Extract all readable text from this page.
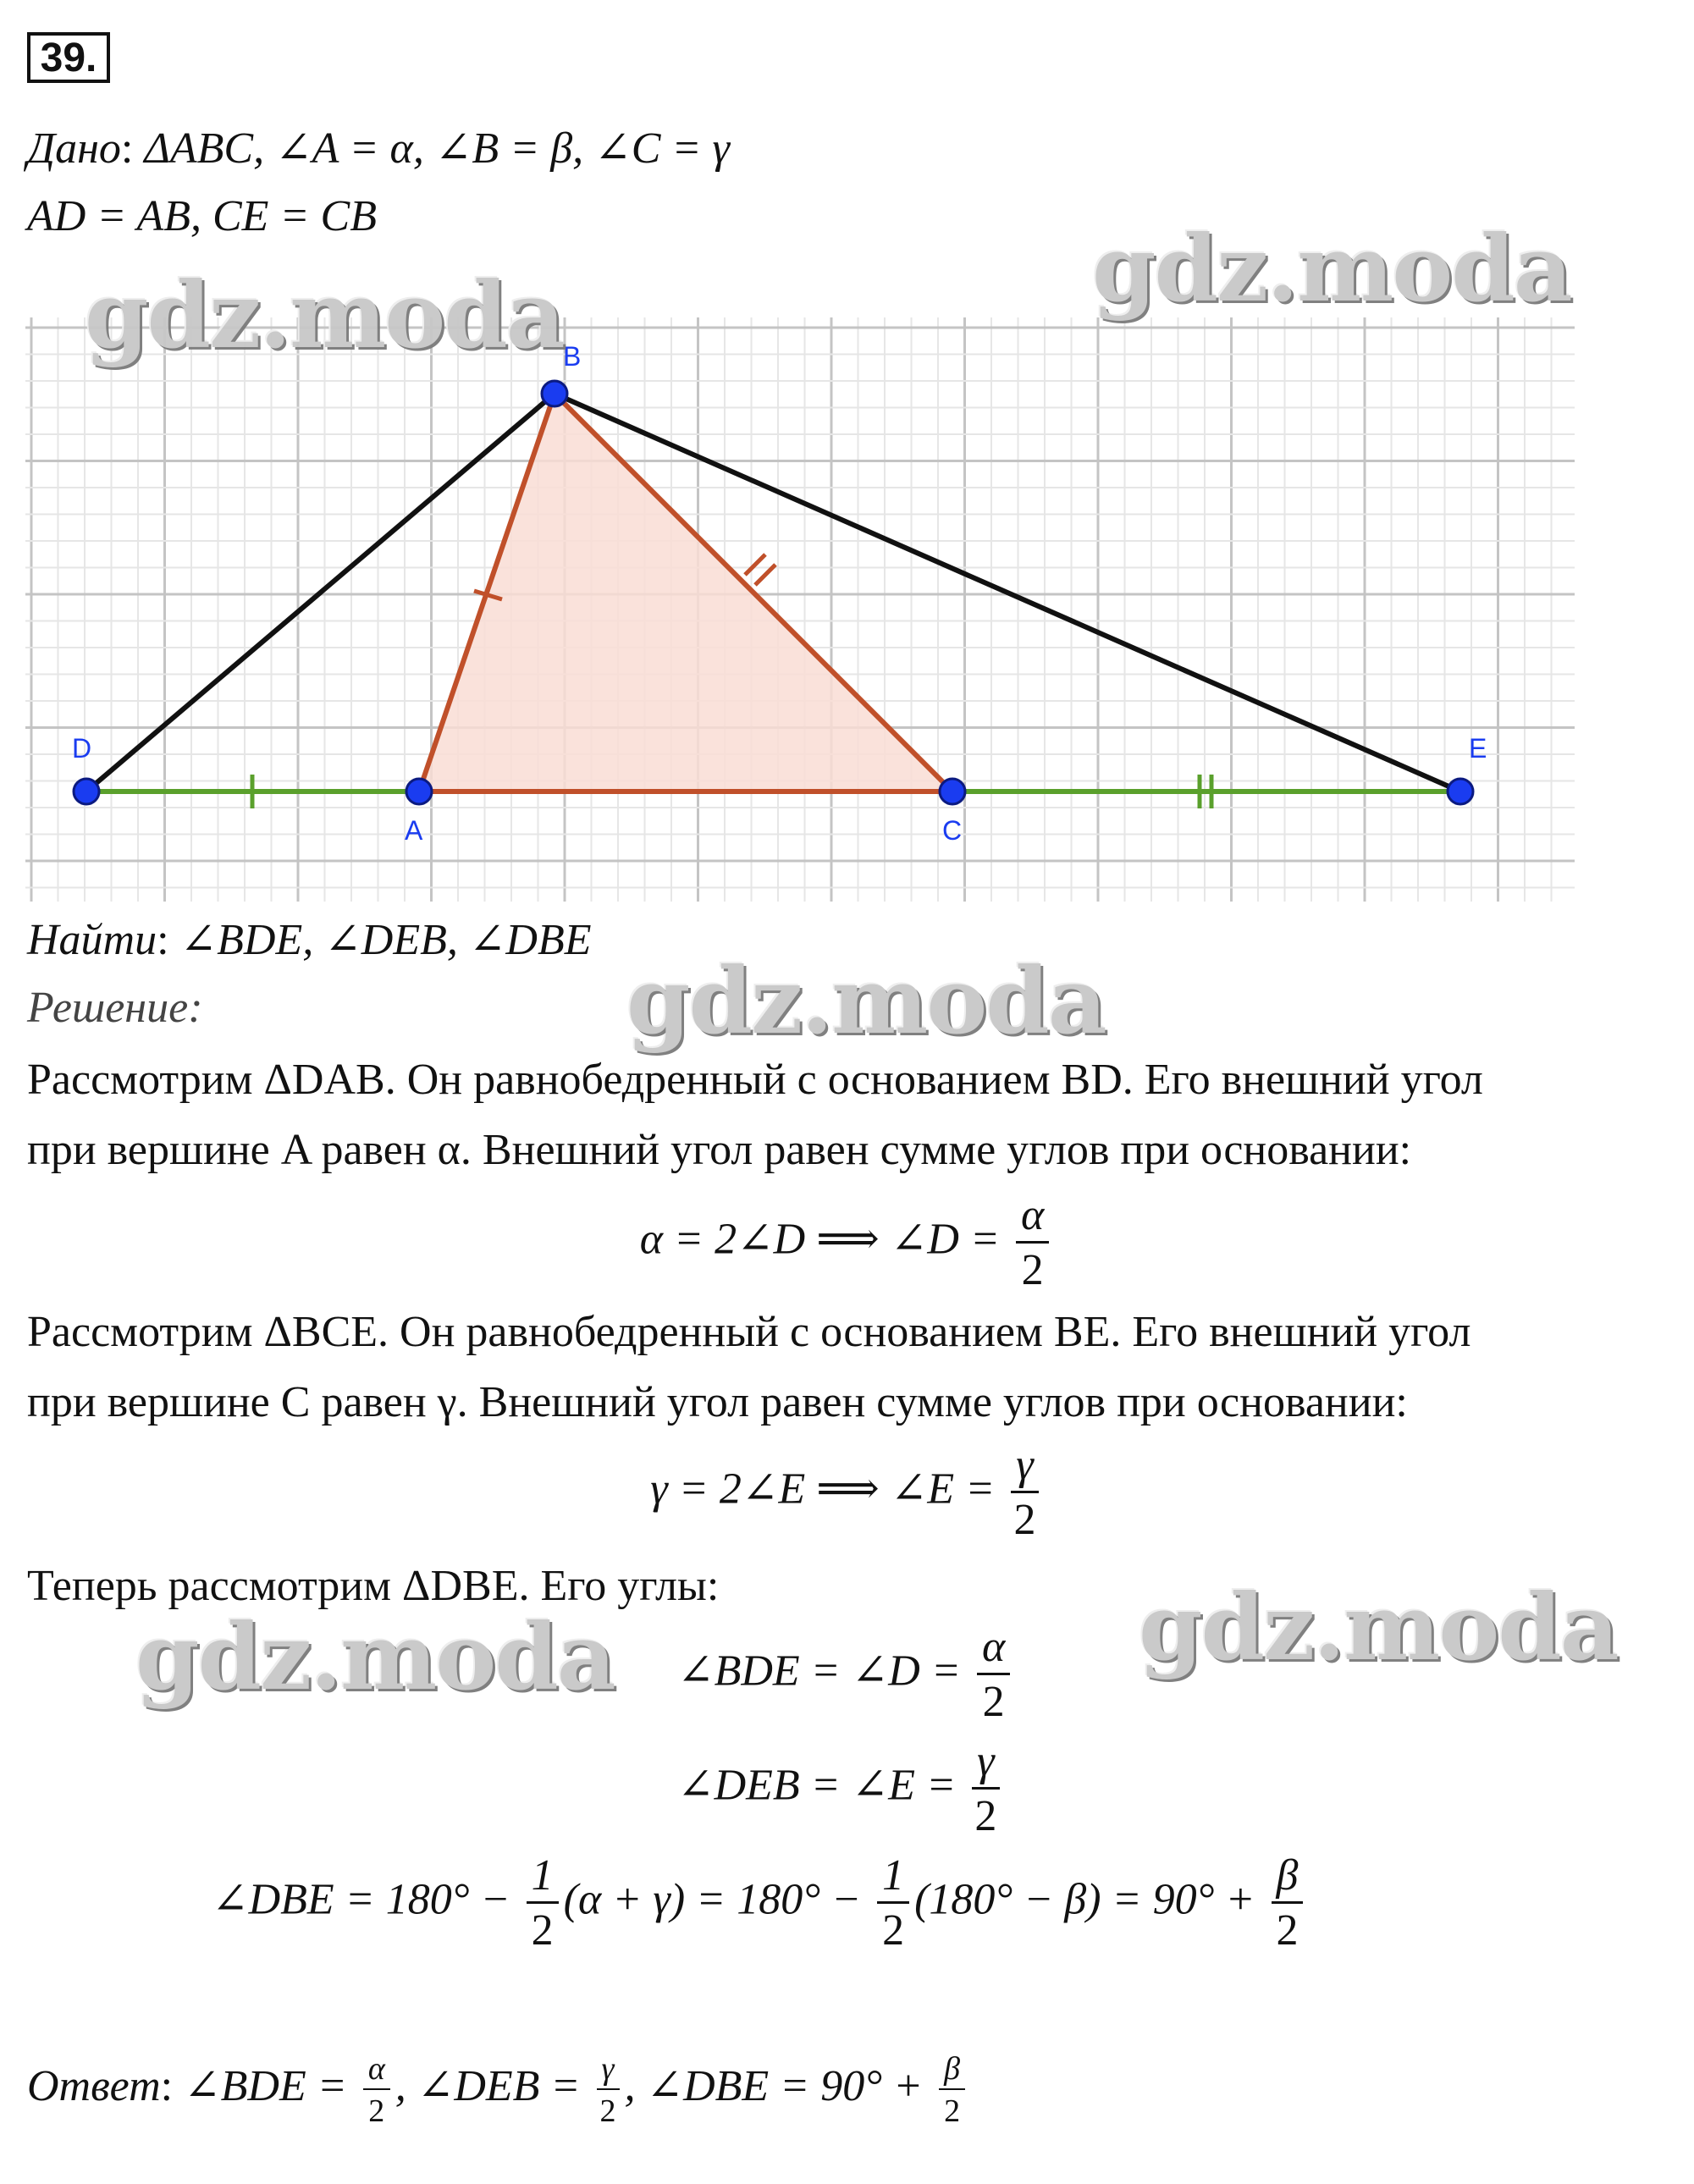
39.
Дано: ΔABC, ∠A = α, ∠B = β, ∠C = γ
AD = AB, CE = CB
B
D
A	C
E
Найти: ∠BDE, ∠DEB, ∠DBE
Решение:
Рассмотрим ΔDAB. Он равнобедренный с основанием BD. Его внешний угол
при вершине A равен α. Внешний угол равен сумме углов при основании:
α = 2∠D ⟹ ∠D = $\frac{\alpha}{2}$
Рассмотрим ΔBCE. Он равнобедренный с основанием BE. Его внешний угол
при вершине C равен γ. Внешний угол равен сумме углов при основании:
γ = 2∠E ⟹ ∠E = $\frac{\gamma}{2}$
Теперь рассмотрим ΔDBE. Его углы:
∠BDE = ∠D = $\frac{\alpha}{2}$
∠DEB = ∠E = $\frac{\gamma}{2}$
∠DBE = $180^\circ - \frac{1}{2} (\alpha + \gamma) = 180^\circ - \frac{1}{2} (180^\circ - \beta) = 90^\circ + \frac{\beta}{2}$
Ответ: ∠BDE = $\frac{\alpha}{2}$ , ∠DEB = $\frac{\gamma}{2}$ , ∠DBE = $90^\circ + \frac{\beta}{2}$
gdz.moda	gdz.moda
gdz.moda
gdz.moda	gdz.moda
